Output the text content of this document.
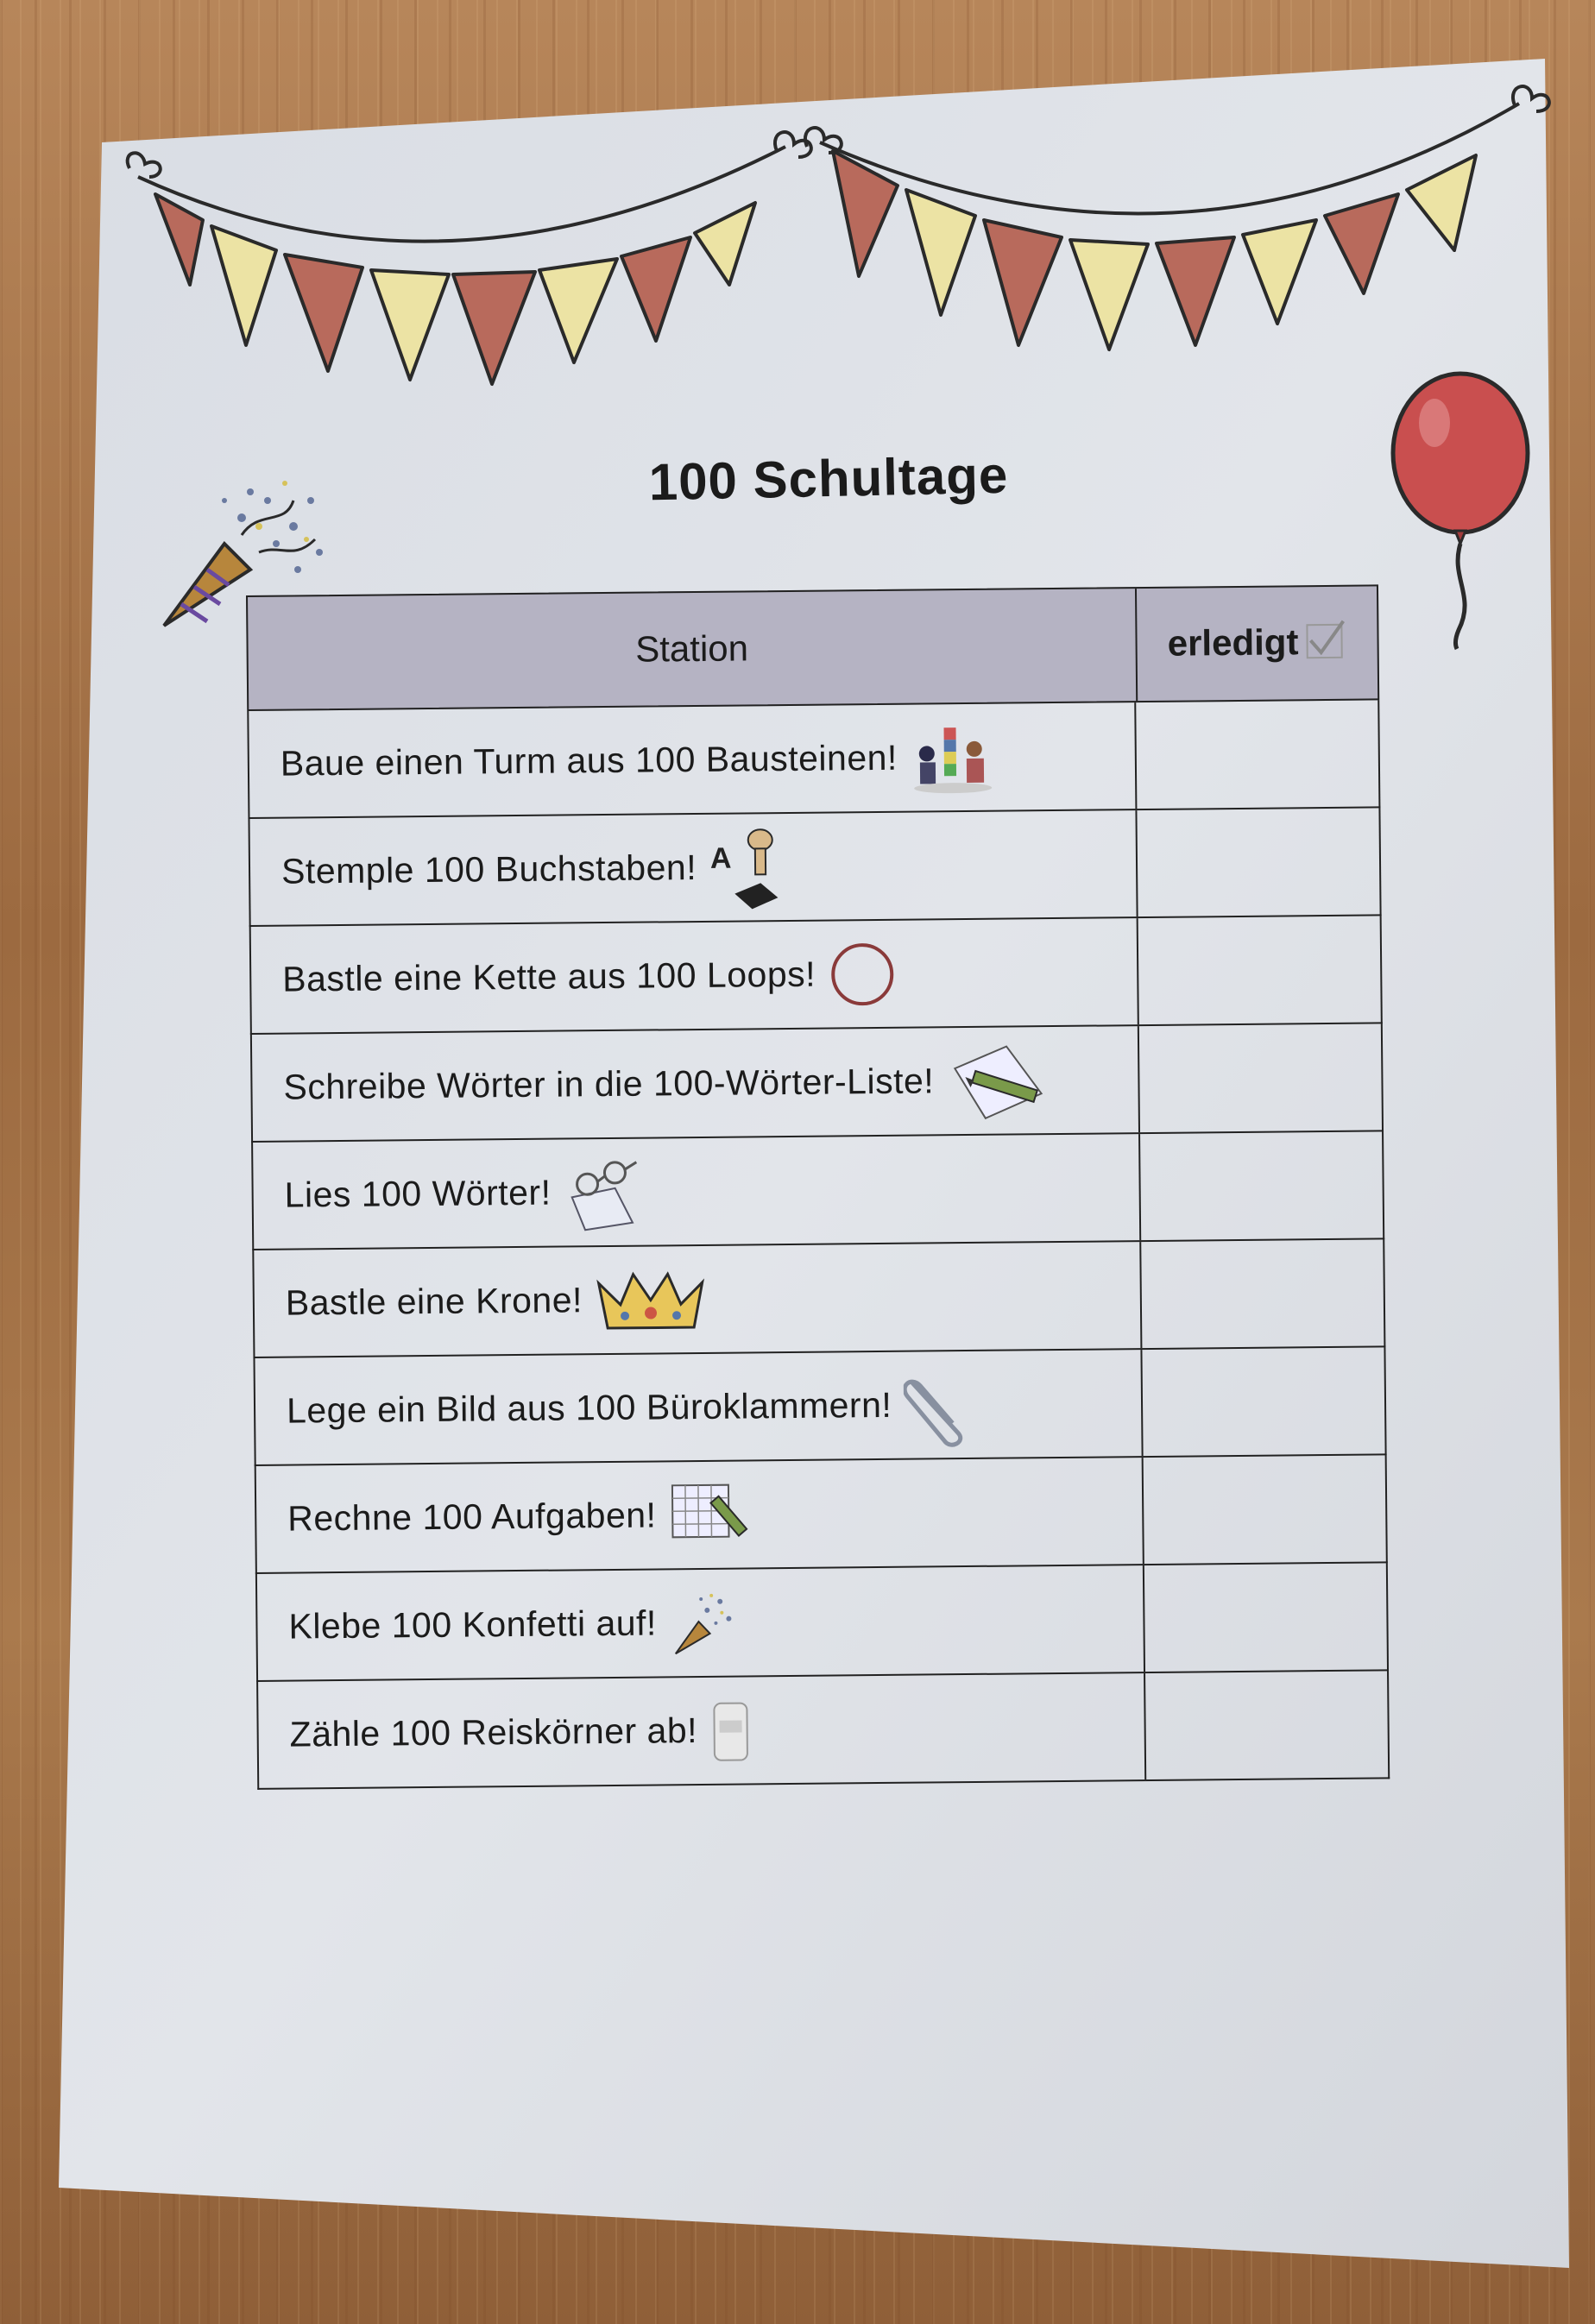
100 Schultage
Station	erledigt
Baue einen Turm aus 100 Bausteinen!
Stemple 100 Buchstaben! A
Bastle eine Kette aus 100 Loops!
Schreibe Wörter in die 100-Wörter-Liste!
Lies 100 Wörter!
Bastle eine Krone!
Lege ein Bild aus 100 Büroklammern!
Rechne 100 Aufgaben!
Klebe 100 Konfetti auf!
Zähle 100 Reiskörner ab!
